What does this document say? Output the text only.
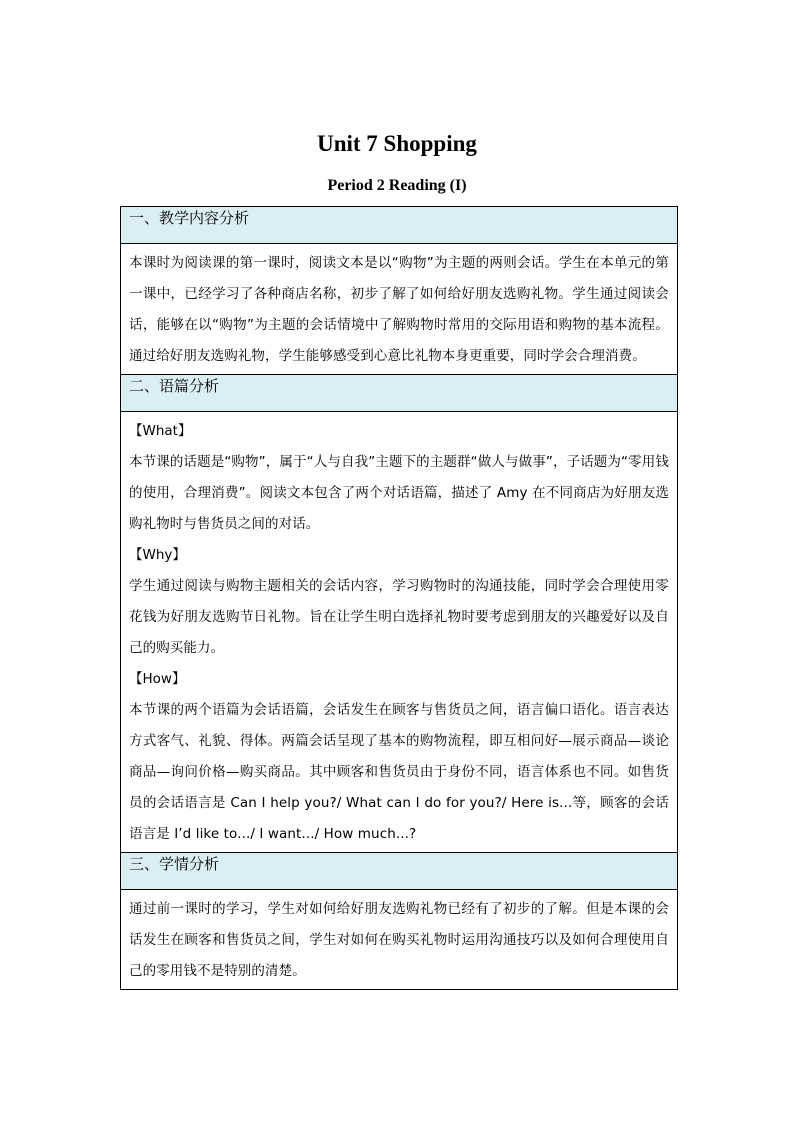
Unit 7 Shopping
Period 2 Reading (I)
一、教学内容分析

本课时为阅读课的第一课时，阅读文本是以“购物”为主题的两则会话。学生在本单元的第一课中，已经学习了各种商店名称，初步了解了如何给好朋友选购礼物。学生通过阅读会话，能够在以“购物”为主题的会话情境中了解购物时常用的交际用语和购物的基本流程。通过给好朋友选购礼物，学生能够感受到心意比礼物本身更重要，同时学会合理消费。

二、语篇分析

【What】

本节课的话题是“购物”，属于“人与自我”主题下的主题群“做人与做事”，子话题为“零用钱的使用，合理消费”。阅读文本包含了两个对话语篇，描述了 Amy 在不同商店为好朋友选购礼物时与售货员之间的对话。

【Why】

学生通过阅读与购物主题相关的会话内容，学习购物时的沟通技能，同时学会合理使用零花钱为好朋友选购节日礼物。旨在让学生明白选择礼物时要考虑到朋友的兴趣爱好以及自己的购买能力。

【How】

本节课的两个语篇为会话语篇，会话发生在顾客与售货员之间，语言偏口语化。语言表达方式客气、礼貌、得体。两篇会话呈现了基本的购物流程，即互相问好—展示商品—谈论商品—询问价格—购买商品。其中顾客和售货员由于身份不同，语言体系也不同。如售货员的会话语言是 Can I help you?/ What can I do for you?/ Here is...等，顾客的会话语言是 I’d like to.../ I want.../ How much...?

三、学情分析

通过前一课时的学习，学生对如何给好朋友选购礼物已经有了初步的了解。但是本课的会话发生在顾客和售货员之间，学生对如何在购买礼物时运用沟通技巧以及如何合理使用自己的零用钱不是特别的清楚。
